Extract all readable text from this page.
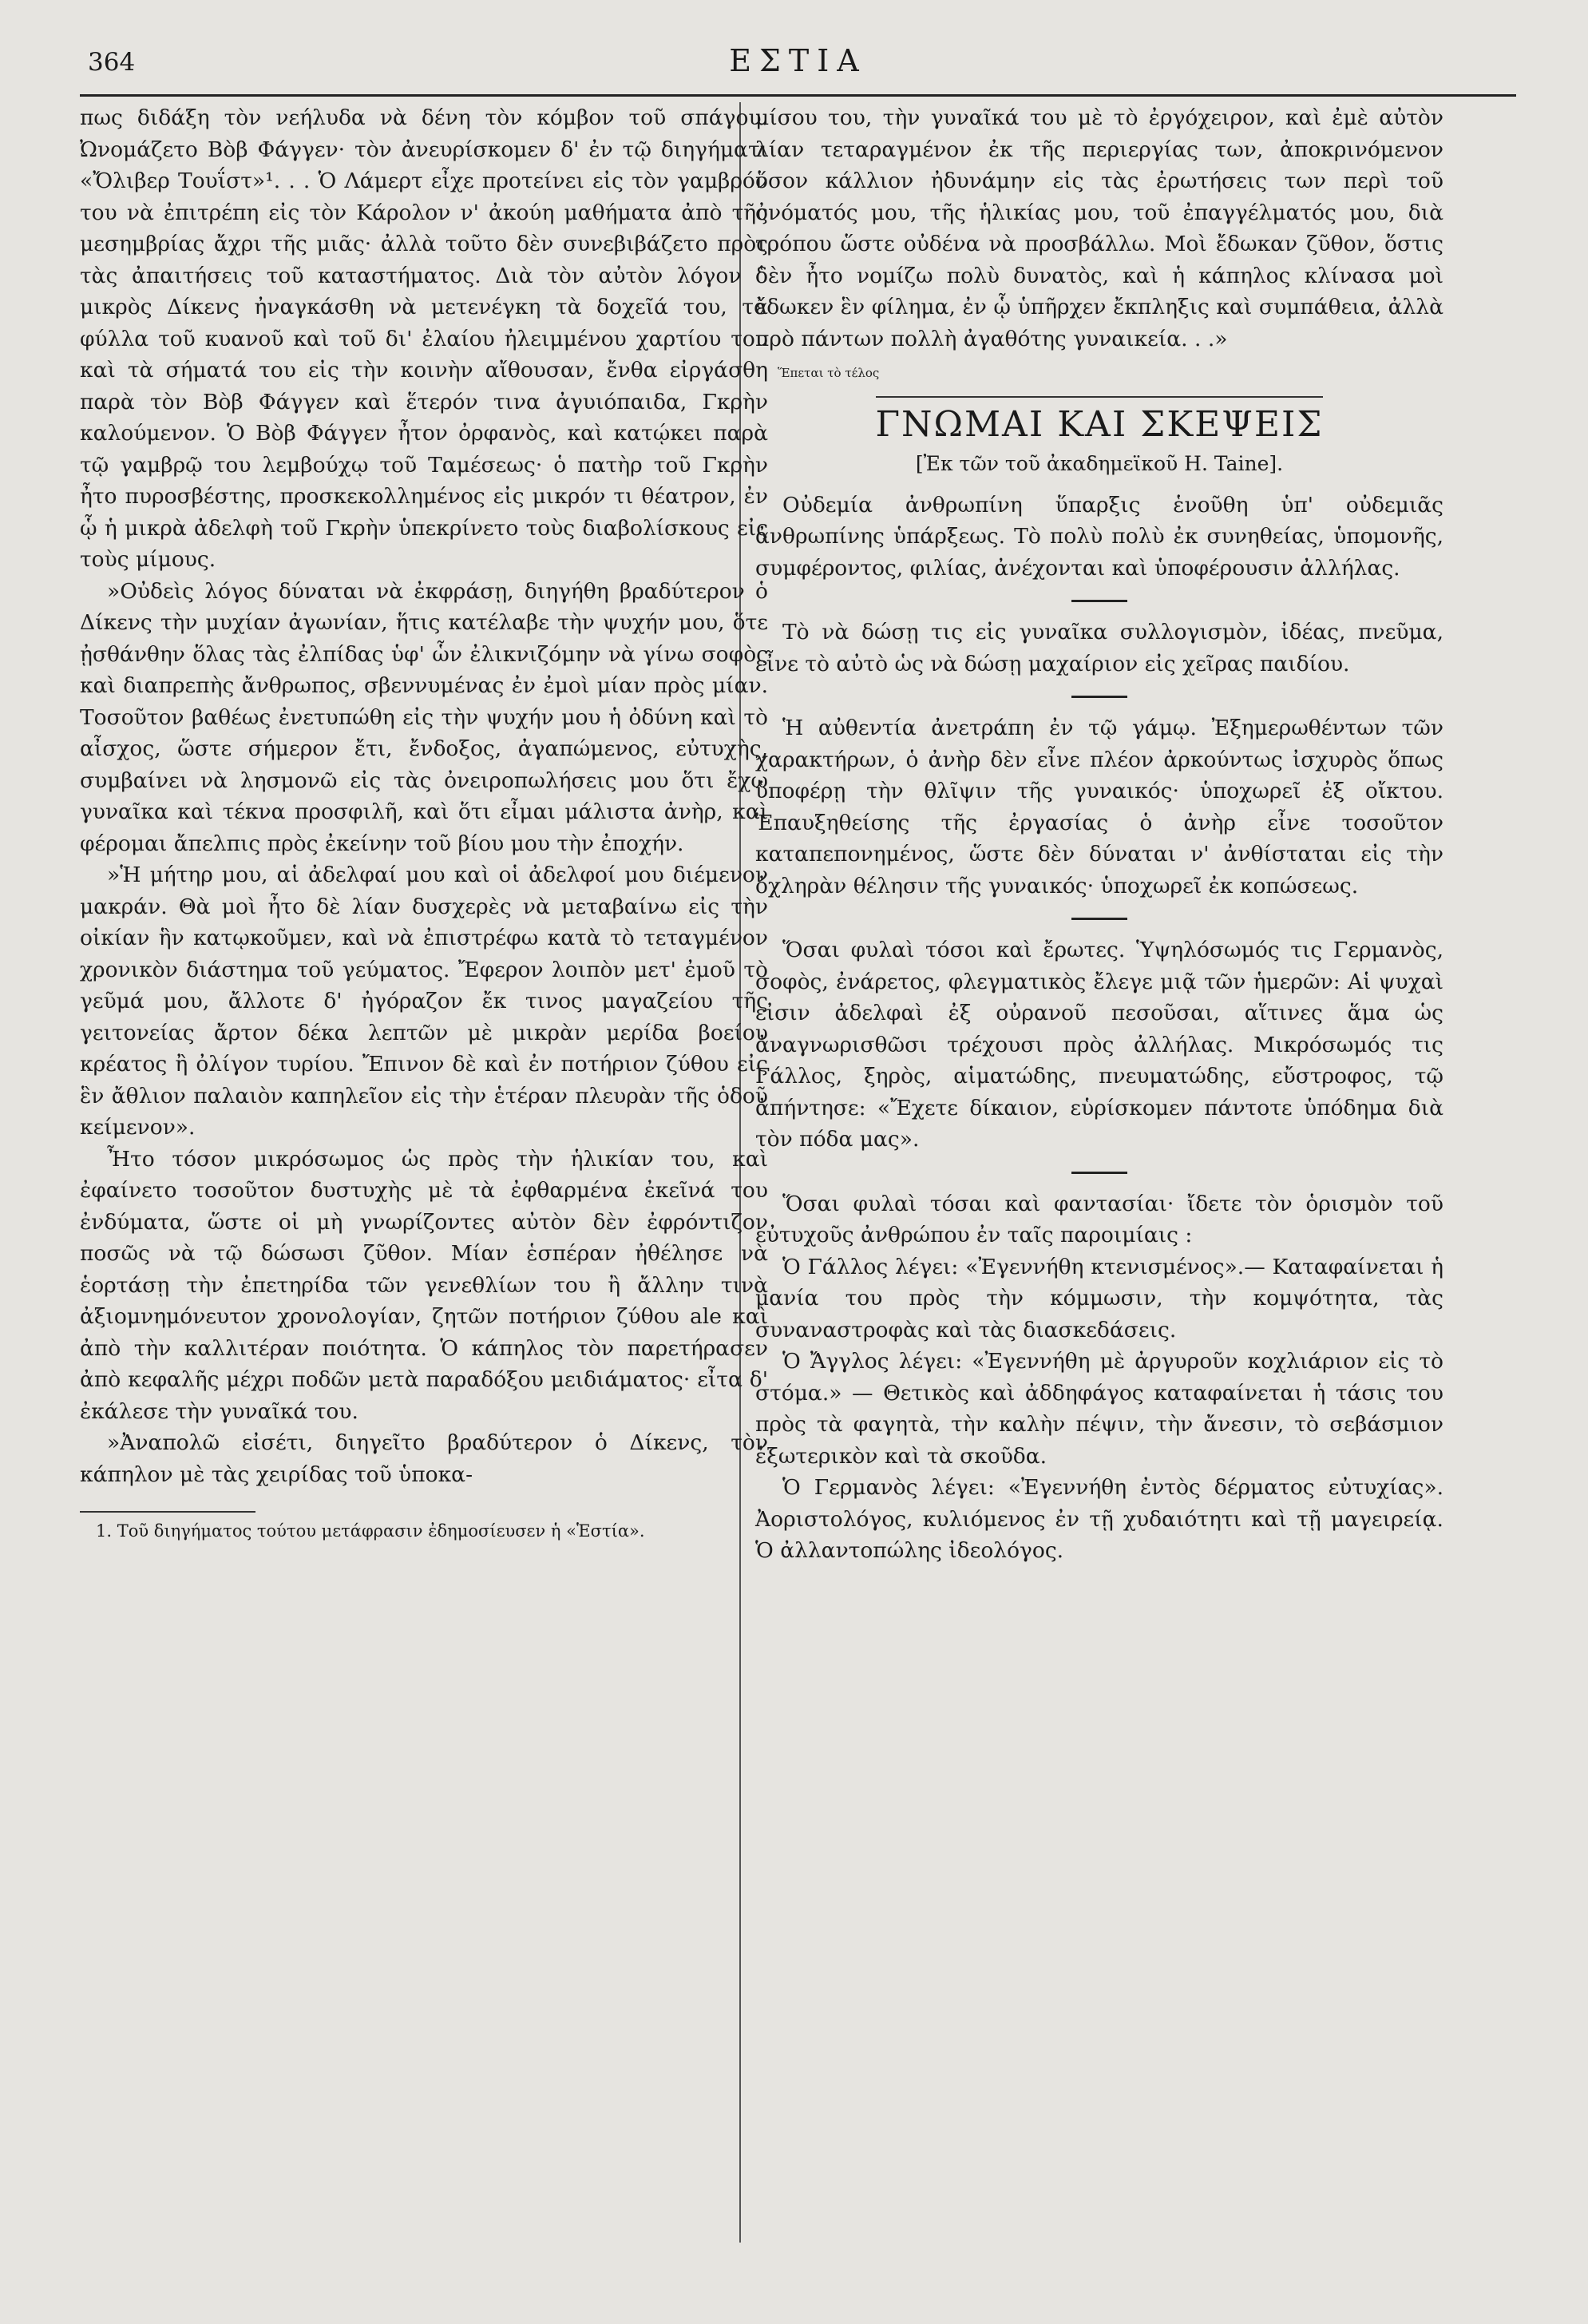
364	ΕΣΤΙΑ

πως διδάξη τὸν νεήλυδα νὰ δένη τὸν κόμβον τοῦ σπάγου. Ὠνομάζετο Βὸβ Φάγγεν· τὸν ἀνευρίσκομεν δ' ἐν τῷ διηγήματι «Ὄλιβερ Τουΐστ»¹. . . Ὁ Λάμερτ εἶχε προτείνει εἰς τὸν γαμβρόν του νὰ ἐπιτρέπη εἰς τὸν Κάρολον ν' ἀκούη μαθήματα ἀπὸ τῆς μεσημβρίας ἄχρι τῆς μιᾶς· ἀλλὰ τοῦτο δὲν συνεβιβάζετο πρὸς τὰς ἀπαιτήσεις τοῦ καταστήματος. Διὰ τὸν αὐτὸν λόγον ὁ μικρὸς Δίκενς ἠναγκάσθη νὰ μετενέγκη τὰ δοχεῖά του, τὰ φύλλα τοῦ κυανοῦ καὶ τοῦ δι' ἐλαίου ἠλειμμένου χαρτίου του καὶ τὰ σήματά του εἰς τὴν κοινὴν αἴθουσαν, ἔνθα εἰργάσθη παρὰ τὸν Βὸβ Φάγγεν καὶ ἕτερόν τινα ἀγυιόπαιδα, Γκρὴν καλούμενον. Ὁ Βὸβ Φάγγεν ἦτον ὀρφανὸς, καὶ κατῴκει παρὰ τῷ γαμβρῷ του λεμβούχῳ τοῦ Ταμέσεως· ὁ πατὴρ τοῦ Γκρὴν ἦτο πυροσβέστης, προσκεκολλημένος εἰς μικρόν τι θέατρον, ἐν ᾧ ἡ μικρὰ ἀδελφὴ τοῦ Γκρὴν ὑπεκρίνετο τοὺς διαβολίσκους εἰς τοὺς μίμους.

»Οὐδεὶς λόγος δύναται νὰ ἐκφράσῃ, διηγήθη βραδύτερον ὁ Δίκενς τὴν μυχίαν ἀγωνίαν, ἥτις κατέλαβε τὴν ψυχήν μου, ὅτε ᾐσθάνθην ὅλας τὰς ἐλπίδας ὑφ' ὧν ἐλικνιζόμην νὰ γίνω σοφὸς καὶ διαπρεπὴς ἄνθρωπος, σβεννυμένας ἐν ἐμοὶ μίαν πρὸς μίαν. Τοσοῦτον βαθέως ἐνετυπώθη εἰς τὴν ψυχήν μου ἡ ὀδύνη καὶ τὸ αἶσχος, ὥστε σήμερον ἔτι, ἔνδοξος, ἀγαπώμενος, εὐτυχὴς, συμβαίνει νὰ λησμονῶ εἰς τὰς ὀνειροπωλήσεις μου ὅτι ἔχω γυναῖκα καὶ τέκνα προσφιλῆ, καὶ ὅτι εἶμαι μάλιστα ἀνὴρ, καὶ φέρομαι ἄπελπις πρὸς ἐκείνην τοῦ βίου μου τὴν ἐποχήν.

»Ἡ μήτηρ μου, αἱ ἀδελφαί μου καὶ οἱ ἀδελφοί μου διέμενον μακράν. Θὰ μοὶ ἦτο δὲ λίαν δυσχερὲς νὰ μεταβαίνω εἰς τὴν οἰκίαν ἣν κατῳκοῦμεν, καὶ νὰ ἐπιστρέφω κατὰ τὸ τεταγμένον χρονικὸν διάστημα τοῦ γεύματος. Ἔφερον λοιπὸν μετ' ἐμοῦ τὸ γεῦμά μου, ἄλλοτε δ' ἠγόραζον ἔκ τινος μαγαζείου τῆς γειτονείας ἄρτον δέκα λεπτῶν μὲ μικρὰν μερίδα βοείου κρέατος ἢ ὀλίγον τυρίου. Ἔπινον δὲ καὶ ἐν ποτήριον ζύθου εἰς ἓν ἄθλιον παλαιὸν καπηλεῖον εἰς τὴν ἑτέραν πλευρὰν τῆς ὁδοῦ κείμενον».

Ἦτο τόσον μικρόσωμος ὡς πρὸς τὴν ἡλικίαν του, καὶ ἐφαίνετο τοσοῦτον δυστυχὴς μὲ τὰ ἐφθαρμένα ἐκεῖνά του ἐνδύματα, ὥστε οἱ μὴ γνωρίζοντες αὐτὸν δὲν ἐφρόντιζον ποσῶς νὰ τῷ δώσωσι ζῦθον. Μίαν ἑσπέραν ἠθέλησε νὰ ἑορτάσῃ τὴν ἐπετηρίδα τῶν γενεθλίων του ἢ ἄλλην τινὰ ἀξιομνημόνευτον χρονολογίαν, ζητῶν ποτήριον ζύθου ale καὶ ἀπὸ τὴν καλλιτέραν ποιότητα. Ὁ κάπηλος τὸν παρετήρασεν ἀπὸ κεφαλῆς μέχρι ποδῶν μετὰ παραδόξου μειδιάματος· εἶτα δ' ἐκάλεσε τὴν γυναῖκά του.

»Ἀναπολῶ εἰσέτι, διηγεῖτο βραδύτερον ὁ Δίκενς, τὸν κάπηλον μὲ τὰς χειρίδας τοῦ ὑποκα-

1. Τοῦ διηγήματος τούτου μετάφρασιν ἐδημοσίευσεν ἡ «Ἑστία».

μίσου του, τὴν γυναῖκά του μὲ τὸ ἐργόχειρον, καὶ ἐμὲ αὐτὸν λίαν τεταραγμένον ἐκ τῆς περιεργίας των, ἀποκρινόμενον ὅσον κάλλιον ἠδυνάμην εἰς τὰς ἐρωτήσεις των περὶ τοῦ ὀνόματός μου, τῆς ἡλικίας μου, τοῦ ἐπαγγέλματός μου, διὰ τρόπου ὥστε οὐδένα νὰ προσβάλλω. Μοὶ ἔδωκαν ζῦθον, ὅστις δὲν ἦτο νομίζω πολὺ δυνατὸς, καὶ ἡ κάπηλος κλίνασα μοὶ ἔδωκεν ἓν φίλημα, ἐν ᾧ ὑπῆρχεν ἔκπληξις καὶ συμπάθεια, ἀλλὰ πρὸ πάντων πολλὴ ἀγαθότης γυναικεία. . .»

Ἕπεται τὸ τέλος
ΓΝΩΜΑΙ ΚΑΙ ΣΚΕΨΕΙΣ
[Ἐκ τῶν τοῦ ἀκαδημεϊκοῦ Η. Taine].

Οὐδεμία ἀνθρωπίνη ὕπαρξις ἑνοῦθη ὑπ' οὐδεμιᾶς ἀνθρωπίνης ὑπάρξεως. Τὸ πολὺ πολὺ ἐκ συνηθείας, ὑπομονῆς, συμφέροντος, φιλίας, ἀνέχονται καὶ ὑποφέρουσιν ἀλλήλας.

Τὸ νὰ δώσῃ τις εἰς γυναῖκα συλλογισμὸν, ἰδέας, πνεῦμα, εἶνε τὸ αὐτὸ ὡς νὰ δώσῃ μαχαίριον εἰς χεῖρας παιδίου.

Ἡ αὐθεντία ἀνετράπη ἐν τῷ γάμῳ. Ἐξημερωθέντων τῶν χαρακτήρων, ὁ ἀνὴρ δὲν εἶνε πλέον ἀρκούντως ἰσχυρὸς ὅπως ὑποφέρῃ τὴν θλῖψιν τῆς γυναικός· ὑποχωρεῖ ἐξ οἴκτου. Ἐπαυξηθείσης τῆς ἐργασίας ὁ ἀνὴρ εἶνε τοσοῦτον καταπεπονημένος, ὥστε δὲν δύναται ν' ἀνθίσταται εἰς τὴν ὀχληρὰν θέλησιν τῆς γυναικός· ὑποχωρεῖ ἐκ κοπώσεως.

Ὅσαι φυλαὶ τόσοι καὶ ἔρωτες. Ὑψηλόσωμός τις Γερμανὸς, σοφὸς, ἐνάρετος, φλεγματικὸς ἔλεγε μιᾷ τῶν ἡμερῶν: Αἱ ψυχαὶ εἰσιν ἀδελφαὶ ἐξ οὐρανοῦ πεσοῦσαι, αἵτινες ἅμα ὡς ἀναγνωρισθῶσι τρέχουσι πρὸς ἀλλήλας. Μικρόσωμός τις Γάλλος, ξηρὸς, αἱματώδης, πνευματώδης, εὔστροφος, τῷ ἀπήντησε: «Ἔχετε δίκαιον, εὑρίσκομεν πάντοτε ὑπόδημα διὰ τὸν πόδα μας».

Ὅσαι φυλαὶ τόσαι καὶ φαντασίαι· ἴδετε τὸν ὁρισμὸν τοῦ εὐτυχοῦς ἀνθρώπου ἐν ταῖς παροιμίαις :

Ὁ Γάλλος λέγει: «Ἐγεννήθη κτενισμένος».— Καταφαίνεται ἡ μανία του πρὸς τὴν κόμμωσιν, τὴν κομψότητα, τὰς συναναστροφὰς καὶ τὰς διασκεδάσεις.

Ὁ Ἄγγλος λέγει: «Ἐγεννήθη μὲ ἀργυροῦν κοχλιάριον εἰς τὸ στόμα.» — Θετικὸς καὶ ἀδδηφάγος καταφαίνεται ἡ τάσις του πρὸς τὰ φαγητὰ, τὴν καλὴν πέψιν, τὴν ἄνεσιν, τὸ σεβάσμιον ἐξωτερικὸν καὶ τὰ σκοῦδα.

Ὁ Γερμανὸς λέγει: «Ἐγεννήθη ἐντὸς δέρματος εὐτυχίας». Ἀοριστολόγος, κυλιόμενος ἐν τῇ χυδαιότητι καὶ τῇ μαγειρείᾳ. Ὁ ἀλλαντοπώλης ἰδεολόγος.
